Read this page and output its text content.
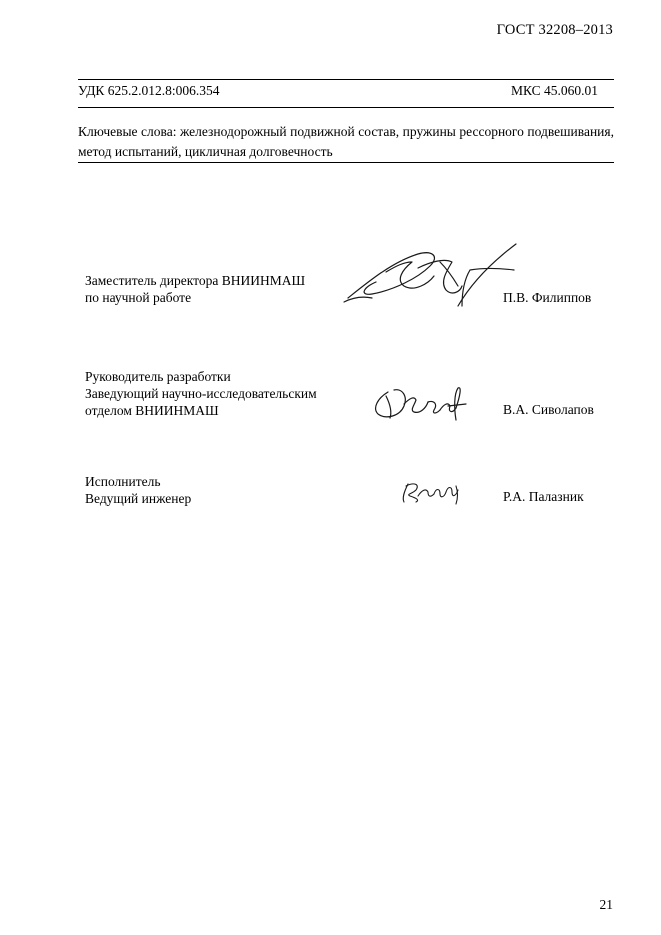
ГОСТ 32208–2013
УДК 625.2.012.8:006.354	МКС 45.060.01
Ключевые слова: железнодорожный подвижной состав, пружины рессорного подвешивания, метод испытаний, цикличная долговечность
Заместитель директора ВНИИНМАШ
по научной работе	П.В. Филиппов
Руководитель разработки
Заведующий научно-исследовательским
отделом ВНИИНМАШ	В.А. Сиволапов
Исполнитель
Ведущий инженер	Р.А. Палазник
21
